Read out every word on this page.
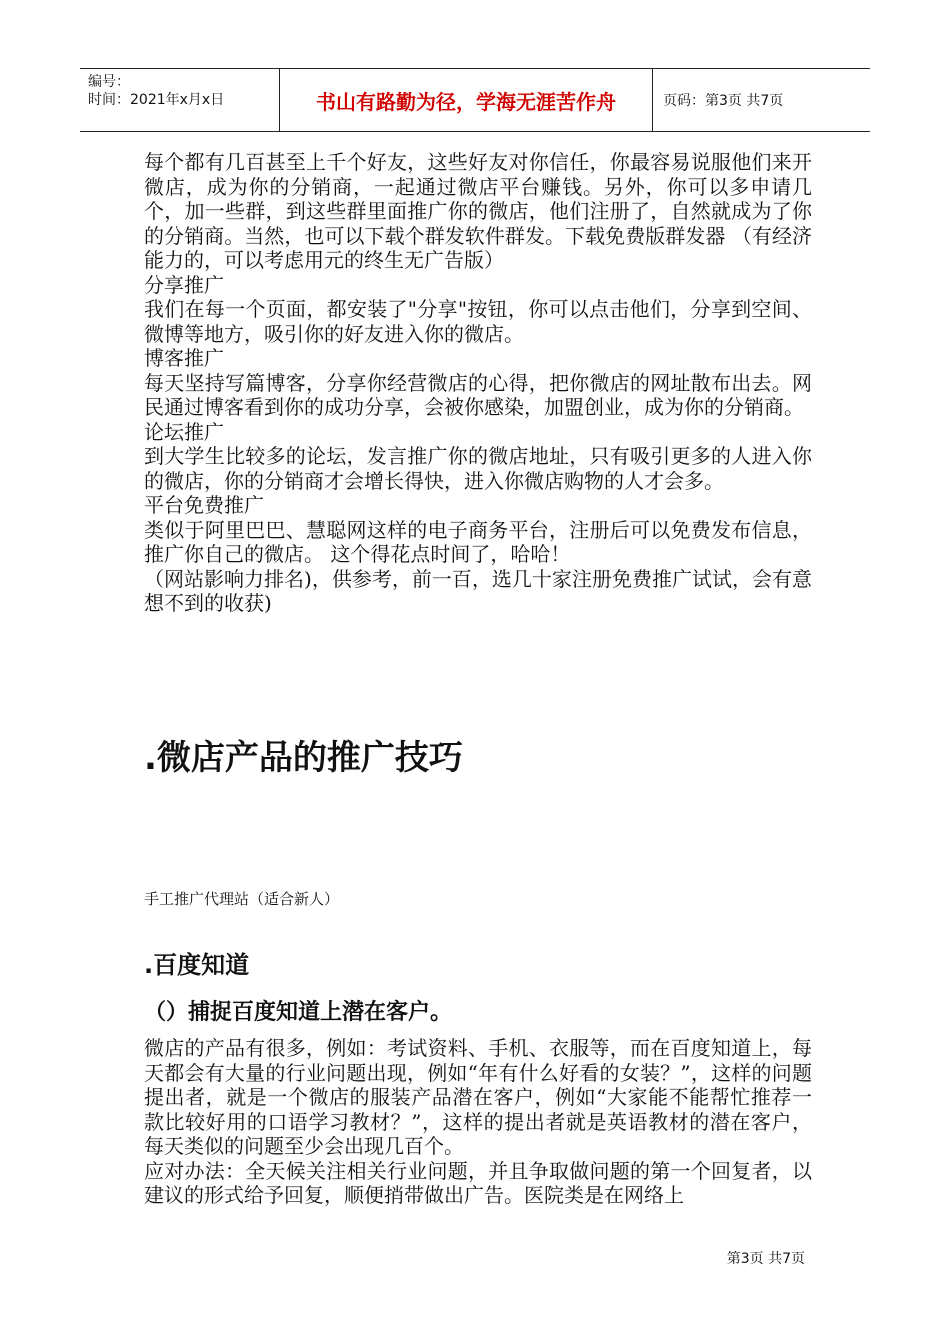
编号：
时间：2021年x月x日	书山有路勤为径，学海无涯苦作舟	页码：第3页 共7页

每个都有几百甚至上千个好友，这些好友对你信任，你最容易说服他们来开微店，成为你的分销商，一起通过微店平台赚钱。另外，你可以多申请几个，加一些群，到这些群里面推广你的微店，他们注册了，自然就成为了你的分销商。当然，也可以下载个群发软件群发。下载免费版群发器 （有经济能力的，可以考虑用元的终生无广告版）

分享推广

我们在每一个页面，都安装了"分享"按钮，你可以点击他们，分享到空间、微博等地方，吸引你的好友进入你的微店。

博客推广

每天坚持写篇博客，分享你经营微店的心得，把你微店的网址散布出去。网民通过博客看到你的成功分享，会被你感染，加盟创业，成为你的分销商。

论坛推广

到大学生比较多的论坛，发言推广你的微店地址，只有吸引更多的人进入你的微店，你的分销商才会增长得快，进入你微店购物的人才会多。

平台免费推广

类似于阿里巴巴、慧聪网这样的电子商务平台，注册后可以免费发布信息，推广你自己的微店。 这个得花点时间了，哈哈！

（网站影响力排名)，供参考，前一百，选几十家注册免费推广试试，会有意想不到的收获)

.微店产品的推广技巧
手工推广代理站（适合新人）
.百度知道
（）捕捉百度知道上潜在客户。

微店的产品有很多，例如：考试资料、手机、衣服等，而在百度知道上，每天都会有大量的行业问题出现，例如“年有什么好看的女装？”，这样的问题提出者，就是一个微店的服装产品潜在客户，例如“大家能不能帮忙推荐一款比较好用的口语学习教材？”，这样的提出者就是英语教材的潜在客户，每天类似的问题至少会出现几百个。

应对办法：全天候关注相关行业问题，并且争取做问题的第一个回复者，以建议的形式给予回复，顺便捎带做出广告。医院类是在网络上

第3页 共7页
